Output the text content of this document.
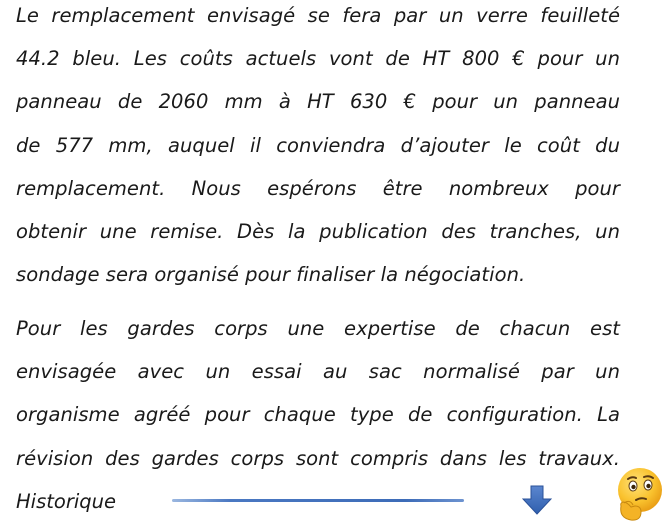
Le remplacement envisagé se fera par un verre feuilleté
44.2 bleu. Les coûts actuels vont de HT 800 € pour un
panneau de 2060 mm à HT 630 € pour un panneau
de 577 mm, auquel il conviendra d’ajouter le coût du
remplacement. Nous espérons être nombreux pour
obtenir une remise. Dès la publication des tranches, un
sondage sera organisé pour finaliser la négociation.
Pour les gardes corps une expertise de chacun est
envisagée avec un essai au sac normalisé par un
organisme agréé pour chaque type de configuration. La
révision des gardes corps sont compris dans les travaux.
Historique
